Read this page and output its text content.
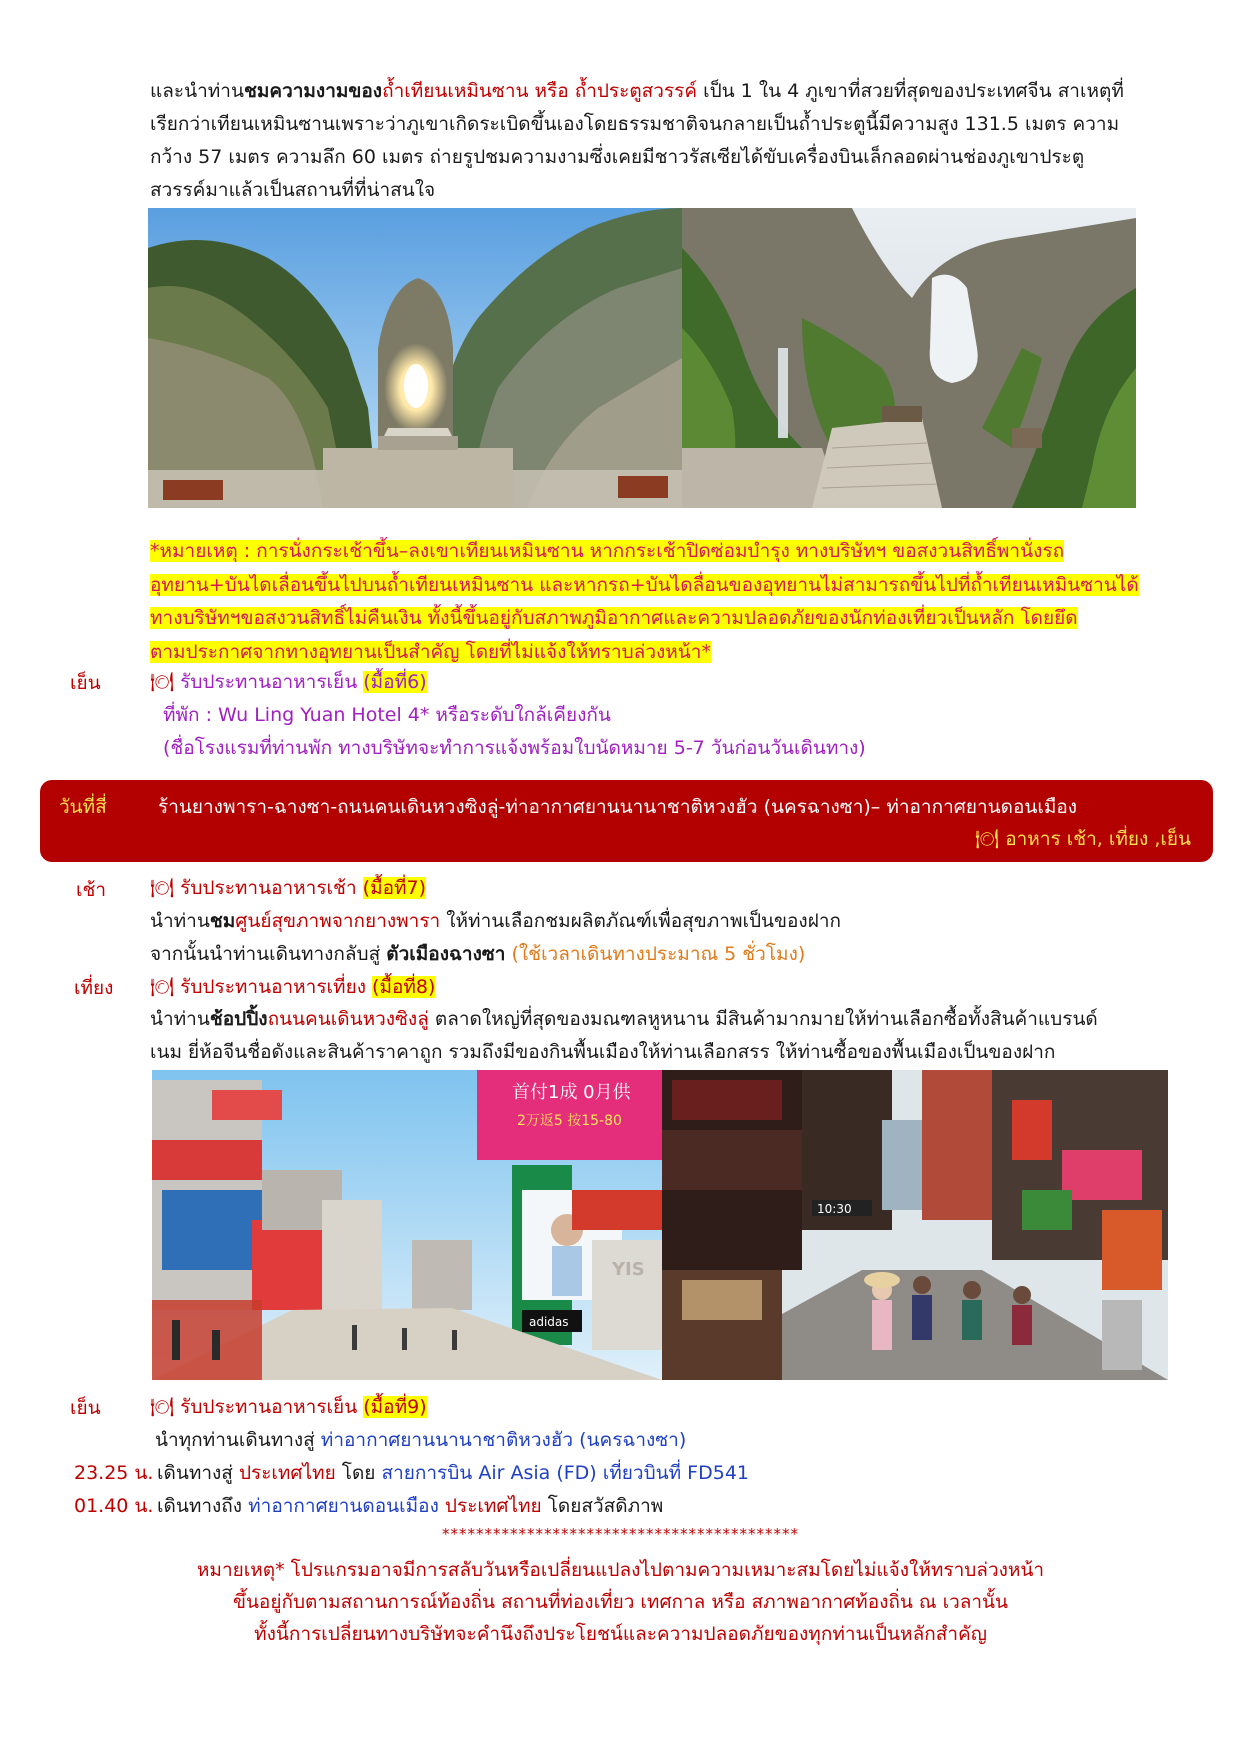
และนำท่านชมความงามของถ้ำเทียนเหมินซาน หรือ ถ้ำประตูสวรรค์ เป็น 1 ใน 4 ภูเขาที่สวยที่สุดของประเทศจีน สาเหตุที่
เรียกว่าเทียนเหมินซานเพราะว่าภูเขาเกิดระเบิดขึ้นเองโดยธรรมชาติจนกลายเป็นถ้ำประตูนี้มีความสูง 131.5 เมตร ความ
กว้าง 57 เมตร ความลึก 60 เมตร ถ่ายรูปชมความงามซึ่งเคยมีชาวรัสเซียได้ขับเครื่องบินเล็กลอดผ่านช่องภูเขาประตู
สวรรค์มาแล้วเป็นสถานที่ที่น่าสนใจ
*หมายเหตุ : การนั่งกระเช้าขึ้น–ลงเขาเทียนเหมินซาน หากกระเช้าปิดซ่อมบำรุง ทางบริษัทฯ ขอสงวนสิทธิ์พานั่งรถ
อุทยาน+บันไดเลื่อนขึ้นไปบนถ้ำเทียนเหมินซาน และหากรถ+บันไดลื่อนของอุทยานไม่สามารถขึ้นไปที่ถ้ำเทียนเหมินซานได้
ทางบริษัทฯขอสงวนสิทธิ์ไม่คืนเงิน ทั้งนี้ขึ้นอยู่กับสภาพภูมิอากาศและความปลอดภัยของนักท่องเที่ยวเป็นหลัก โดยยึด
ตามประกาศจากทางอุทยานเป็นสำคัญ โดยที่ไม่แจ้งให้ทราบล่วงหน้า*
เย็น	🍽 รับประทานอาหารเย็น (มื้อที่6)
ที่พัก : Wu Ling Yuan Hotel 4* หรือระดับใกล้เคียงกัน
(ชื่อโรงแรมที่ท่านพัก ทางบริษัทจะทำการแจ้งพร้อมใบนัดหมาย 5-7 วันก่อนวันเดินทาง)
วันที่สี่	ร้านยางพารา-ฉางซา-ถนนคนเดินหวงซิงลู่-ท่าอากาศยานนานาชาติหวงฮัว (นครฉางซา)– ท่าอากาศยานดอนเมือง
🍽 อาหาร เช้า, เที่ยง ,เย็น
เช้า 🍽 รับประทานอาหารเช้า (มื้อที่7)
นำท่านชมศูนย์สุขภาพจากยางพารา ให้ท่านเลือกชมผลิตภัณฑ์เพื่อสุขภาพเป็นของฝาก
จากนั้นนำท่านเดินทางกลับสู่ ตัวเมืองฉางซา (ใช้เวลาเดินทางประมาณ 5 ชั่วโมง)
เที่ยง 🍽 รับประทานอาหารเที่ยง (มื้อที่8)
นำท่านช้อปปิ้งถนนคนเดินหวงซิงลู่ ตลาดใหญ่ที่สุดของมณฑลหูหนาน มีสินค้ามากมายให้ท่านเลือกซื้อทั้งสินค้าแบรนด์
เนม ยี่ห้อจีนชื่อดังและสินค้าราคาถูก รวมถึงมีของกินพื้นเมืองให้ท่านเลือกสรร ให้ท่านซื้อของพื้นเมืองเป็นของฝาก
首付1成 0月供
2万返5 按15-80
YIS
adidas
10:30
เย็น	🍽 รับประทานอาหารเย็น (มื้อที่9)
นำทุกท่านเดินทางสู่ ท่าอากาศยานนานาชาติหวงฮัว (นครฉางซา)
23.25 น. เดินทางสู่ ประเทศไทย โดย สายการบิน Air Asia (FD) เที่ยวบินที่ FD541
01.40 น. เดินทางถึง ท่าอากาศยานดอนเมือง ประเทศไทย โดยสวัสดิภาพ
******************************************
หมายเหตุ* โปรแกรมอาจมีการสลับวันหรือเปลี่ยนแปลงไปตามความเหมาะสมโดยไม่แจ้งให้ทราบล่วงหน้า
ขึ้นอยู่กับตามสถานการณ์ท้องถิ่น สถานที่ท่องเที่ยว เทศกาล หรือ สภาพอากาศท้องถิ่น ณ เวลานั้น
ทั้งนี้การเปลี่ยนทางบริษัทจะคำนึงถึงประโยชน์และความปลอดภัยของทุกท่านเป็นหลักสำคัญ
